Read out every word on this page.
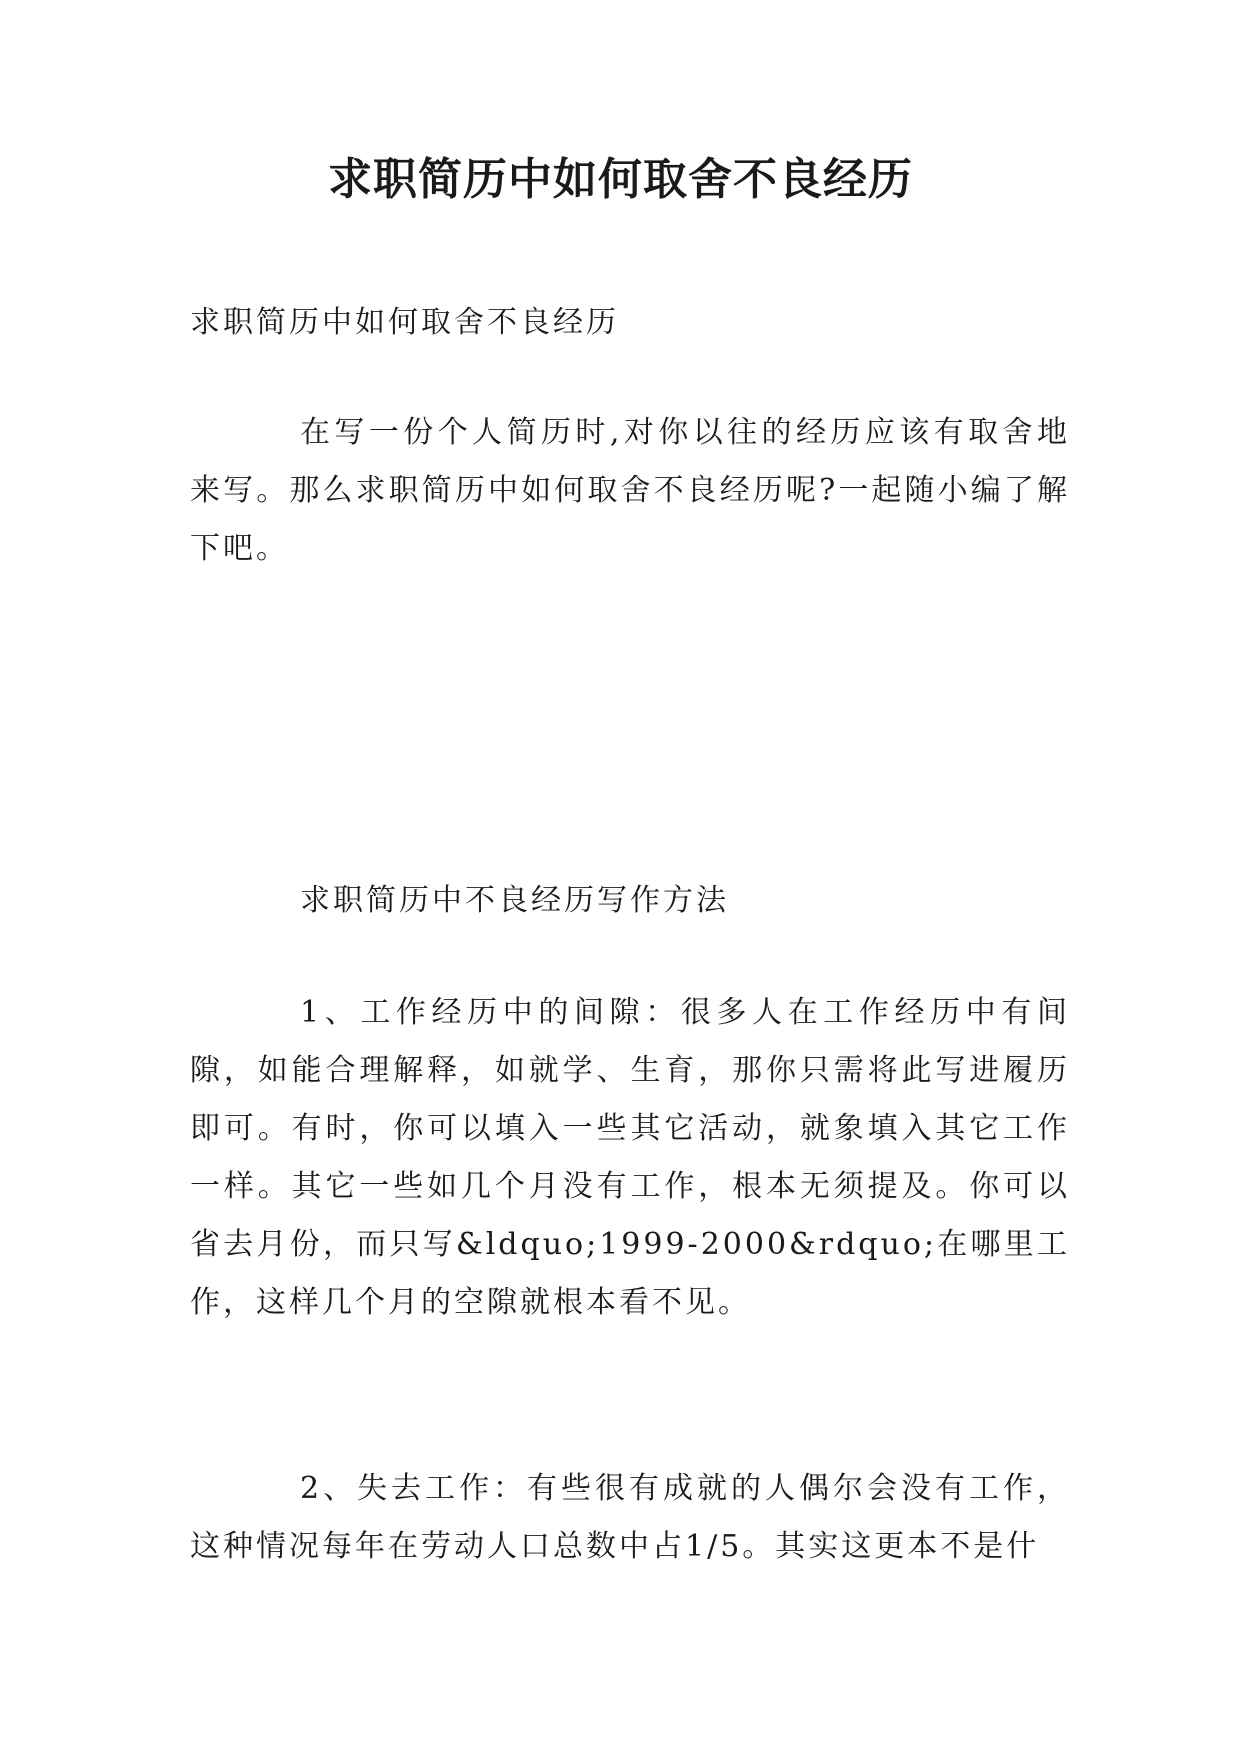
求职简历中如何取舍不良经历

求职简历中如何取舍不良经历

在写一份个人简历时,对你以往的经历应该有取舍地来写。那么求职简历中如何取舍不良经历呢?一起随小编了解下吧。

求职简历中不良经历写作方法

1、工作经历中的间隙：很多人在工作经历中有间隙，如能合理解释，如就学、生育，那你只需将此写进履历即可。有时，你可以填入一些其它活动，就象填入其它工作一样。其它一些如几个月没有工作，根本无须提及。你可以省去月份，而只写&ldquo;1999-2000&rdquo;在哪里工作，这样几个月的空隙就根本看不见。

2、失去工作：有些很有成就的人偶尔会没有工作，这种情况每年在劳动人口总数中占1/5。其实这更本不是什
